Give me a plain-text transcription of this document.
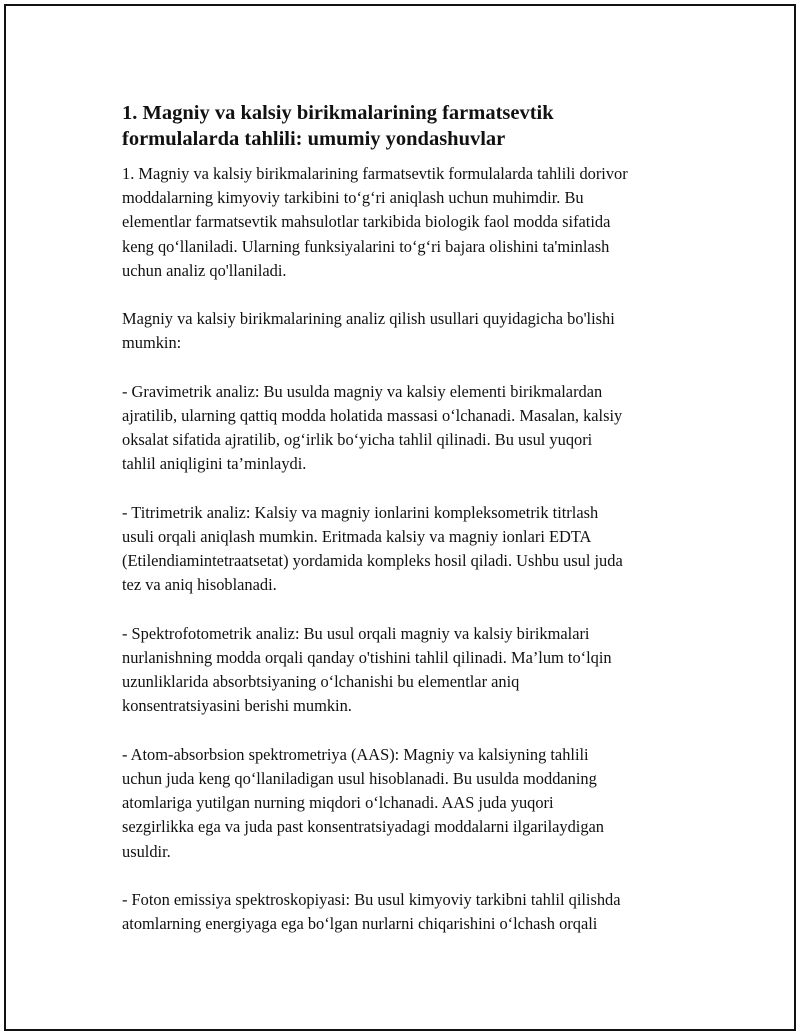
1. Magniy va kalsiy birikmalarining farmatsevtik
formulalarda tahlili: umumiy yondashuvlar

1. Magniy va kalsiy birikmalarining farmatsevtik formulalarda tahlili dorivor
moddalarning kimyoviy tarkibini to‘g‘ri aniqlash uchun muhimdir. Bu
elementlar farmatsevtik mahsulotlar tarkibida biologik faol modda sifatida
keng qo‘llaniladi. Ularning funksiyalarini to‘g‘ri bajara olishini ta'minlash
uchun analiz qo'llaniladi.

Magniy va kalsiy birikmalarining analiz qilish usullari quyidagicha bo'lishi
mumkin:

- Gravimetrik analiz: Bu usulda magniy va kalsiy elementi birikmalardan
ajratilib, ularning qattiq modda holatida massasi o‘lchanadi. Masalan, kalsiy
oksalat sifatida ajratilib, og‘irlik bo‘yicha tahlil qilinadi. Bu usul yuqori
tahlil aniqligini ta’minlaydi.

- Titrimetrik analiz: Kalsiy va magniy ionlarini kompleksometrik titrlash
usuli orqali aniqlash mumkin. Eritmada kalsiy va magniy ionlari EDTA
(Etilendiamintetraatsetat) yordamida kompleks hosil qiladi. Ushbu usul juda
tez va aniq hisoblanadi.

- Spektrofotometrik analiz: Bu usul orqali magniy va kalsiy birikmalari
nurlanishning modda orqali qanday o'tishini tahlil qilinadi. Ma’lum to‘lqin
uzunliklarida absorbtsiyaning o‘lchanishi bu elementlar aniq
konsentratsiyasini berishi mumkin.

- Atom-absorbsion spektrometriya (AAS): Magniy va kalsiyning tahlili
uchun juda keng qo‘llaniladigan usul hisoblanadi. Bu usulda moddaning
atomlariga yutilgan nurning miqdori o‘lchanadi. AAS juda yuqori
sezgirlikka ega va juda past konsentratsiyadagi moddalarni ilgarilaydigan
usuldir.

- Foton emissiya spektroskopiyasi: Bu usul kimyoviy tarkibni tahlil qilishda
atomlarning energiyaga ega bo‘lgan nurlarni chiqarishini o‘lchash orqali
